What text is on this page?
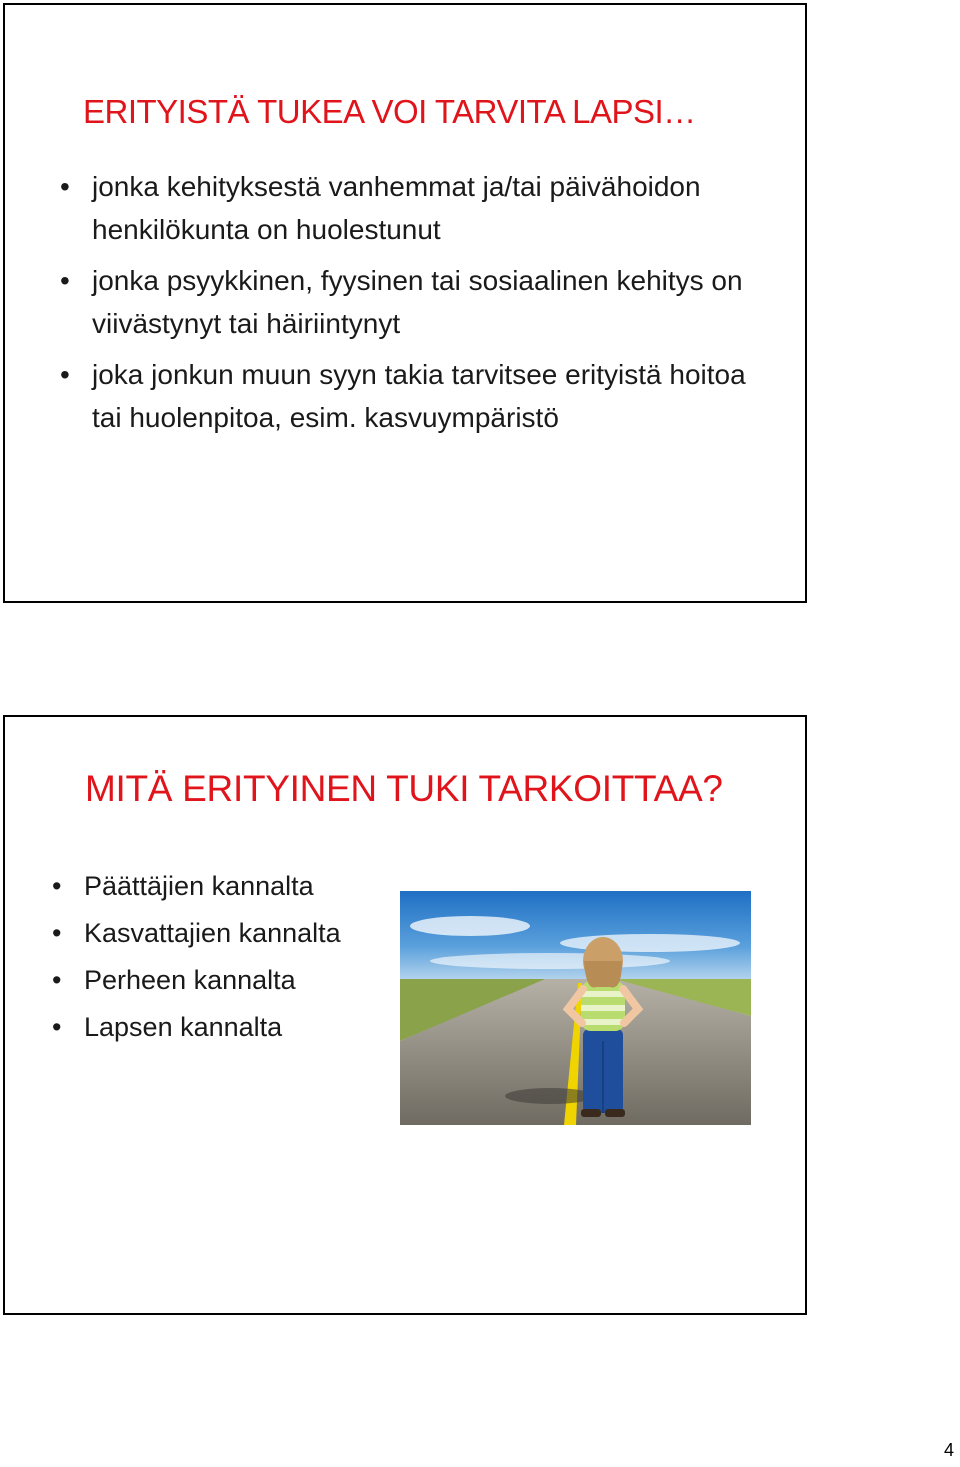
ERITYISTÄ TUKEA VOI TARVITA LAPSI…
• jonka kehityksestä vanhemmat ja/tai päivähoidon henkilökunta on huolestunut
• jonka psyykkinen, fyysinen tai sosiaalinen kehitys on viivästynyt tai häiriintynyt
• joka jonkun muun syyn takia tarvitsee erityistä hoitoa tai huolenpitoa, esim. kasvuympäristö
MITÄ ERITYINEN TUKI TARKOITTAA?
• Päättäjien kannalta
• Kasvattajien kannalta
• Perheen kannalta
• Lapsen kannalta
4
